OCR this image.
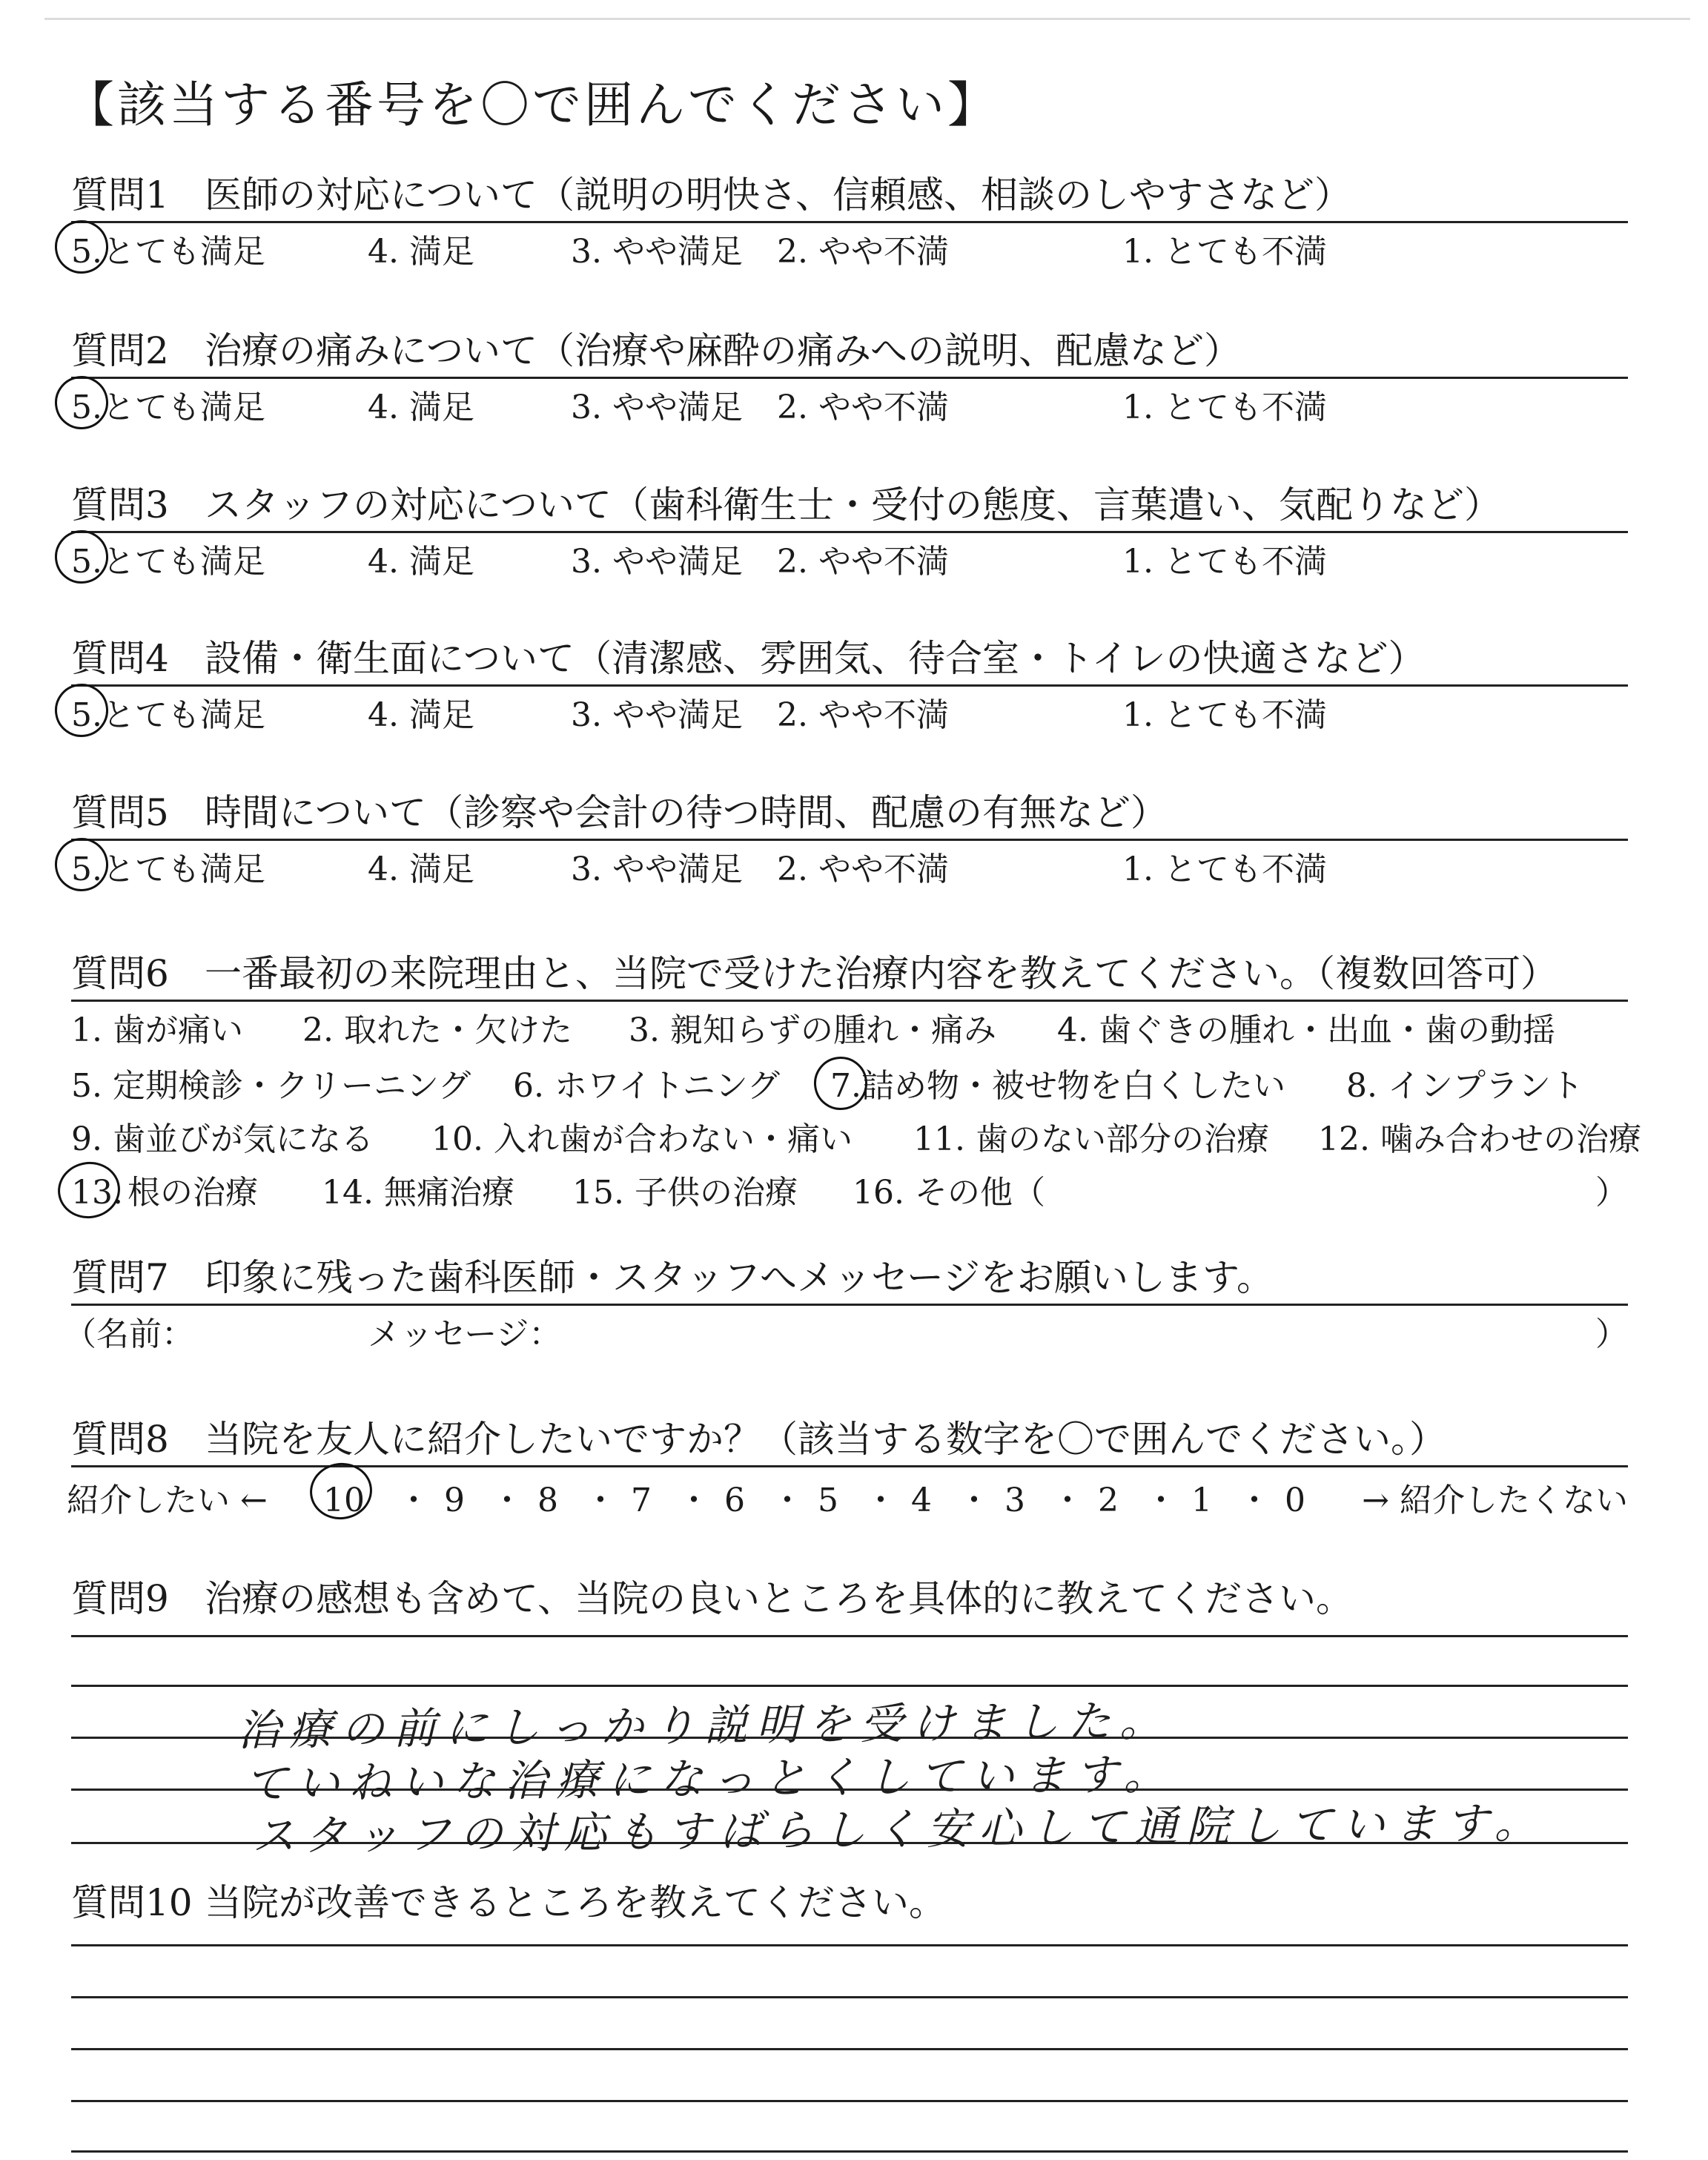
【該当する番号を〇で囲んでください】
質問1 医師の対応について（説明の明快さ、信頼感、相談のしやすさなど）
5.とても満足	4. 満足	3. やや満足 2. やや不満	1. とても不満
質問2 治療の痛みについて（治療や麻酔の痛みへの説明、配慮など）
5.とても満足	4. 満足	3. やや満足 2. やや不満	1. とても不満
質問3 スタッフの対応について（歯科衛生士・受付の態度、言葉遣い、気配りなど）
5.とても満足	4. 満足	3. やや満足 2. やや不満	1. とても不満
質問4 設備・衛生面について（清潔感、雰囲気、待合室・トイレの快適さなど）
5.とても満足	4. 満足	3. やや満足 2. やや不満	1. とても不満
質問5 時間について（診察や会計の待つ時間、配慮の有無など）
5.とても満足	4. 満足	3. やや満足 2. やや不満	1. とても不満
質問6 一番最初の来院理由と、当院で受けた治療内容を教えてください。（複数回答可）
1. 歯が痛い 2. 取れた・欠けた 3. 親知らずの腫れ・痛み 4. 歯ぐきの腫れ・出血・歯の動揺
5. 定期検診・クリーニング 6. ホワイトニング 7.詰め物・被せ物を白くしたい 8. インプラント
9. 歯並びが気になる 10. 入れ歯が合わない・痛い 11. 歯のない部分の治療 12. 噛み合わせの治療
13. 根の治療 14. 無痛治療 15. 子供の治療 16. その他（	）
質問7 印象に残った歯科医師・スタッフへメッセージをお願いします。
（名前：	メッセージ：	）
質問8 当院を友人に紹介したいですか？（該当する数字を〇で囲んでください。）
紹介したい ← 10 ・ 9 ・ 8 ・ 7 ・ 6 ・ 5 ・ 4 ・ 3 ・ 2 ・ 1 ・ 0 → 紹介したくない
質問9 治療の感想も含めて、当院の良いところを具体的に教えてください。
治療の前にしっかり説明を受けました。
ていねいな治療になっとくしています。
スタッフの対応もすばらしく安心して通院しています。
質問10 当院が改善できるところを教えてください。
